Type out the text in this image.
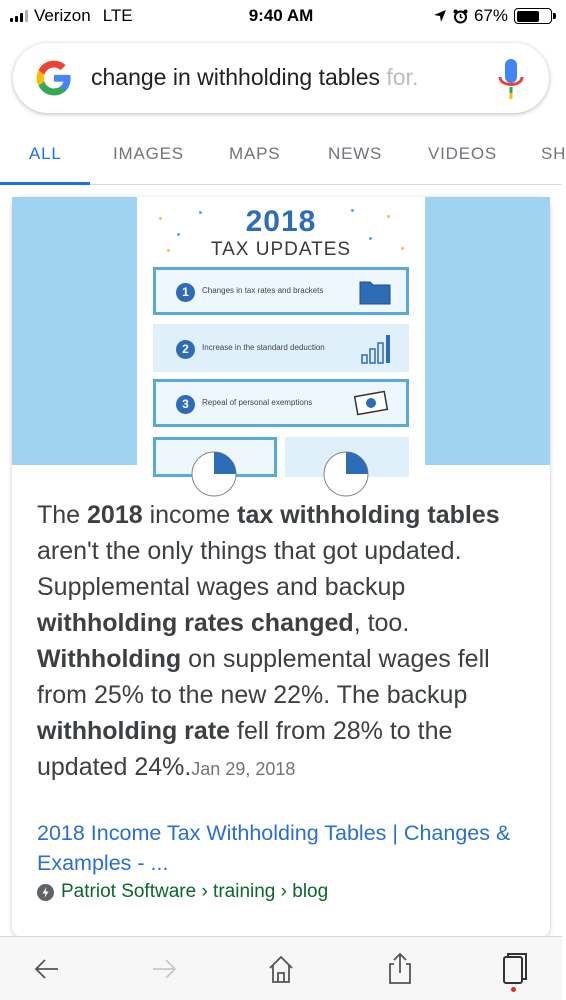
Verizon LTE	9:40 AM	67%
change in withholding tables for.
ALL	IMAGES	MAPS	NEWS	VIDEOS	SH
2018
TAX UPDATES
1	Changes in tax rates and brackets
2	Increase in the standard deduction
3	Repeal of personal exemptions
The 2018 income tax withholding tables aren't the only things that got updated. Supplemental wages and backup withholding rates changed, too. Withholding on supplemental wages fell from 25% to the new 22%. The backup withholding rate fell from 28% to the updated 24%.Jan 29, 2018
2018 Income Tax Withholding Tables | Changes & Examples - ...
Patriot Software › training › blog
